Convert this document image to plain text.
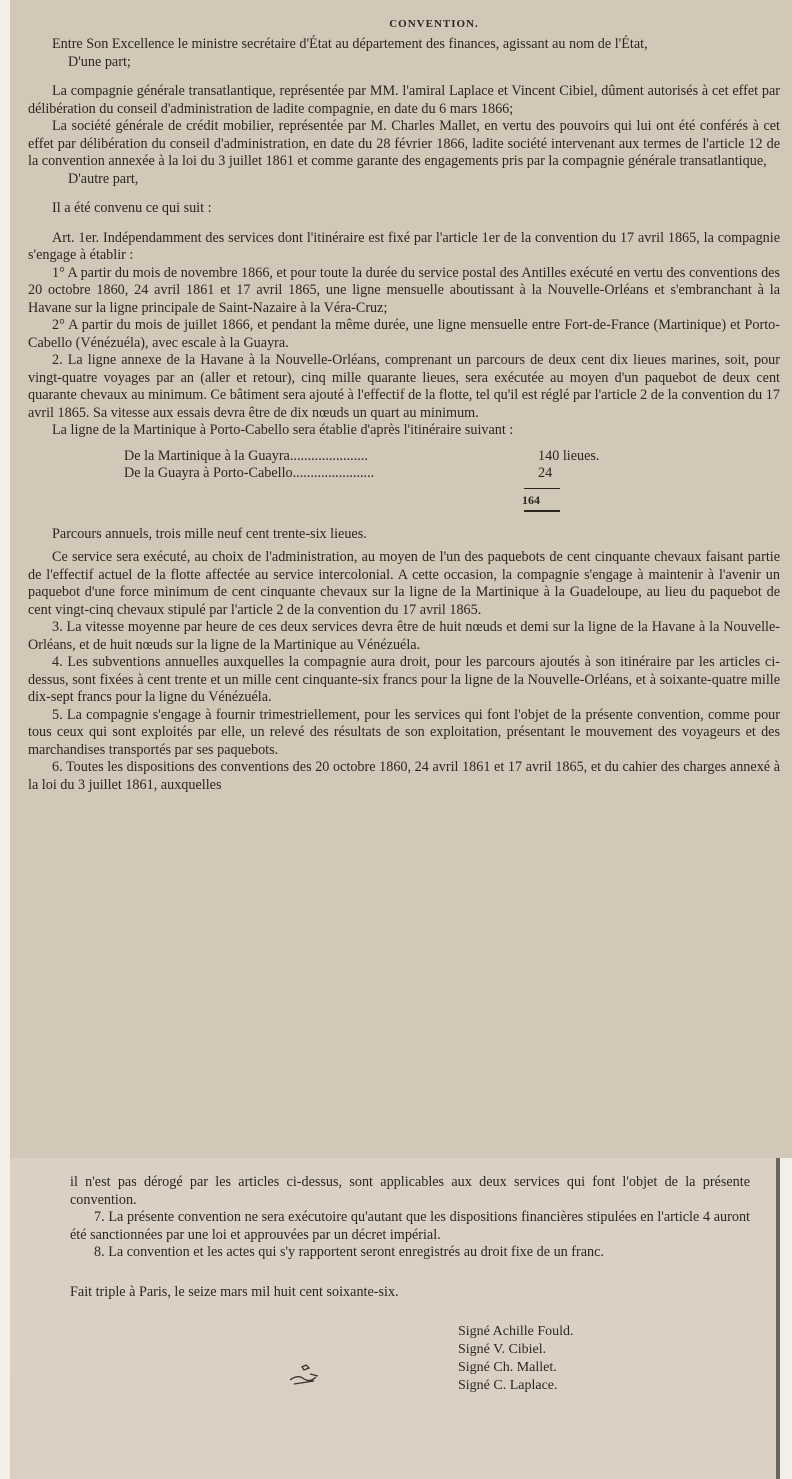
CONVENTION.

Entre Son Excellence le ministre secrétaire d'État au département des finances, agissant au nom de l'État,

D'une part;

La compagnie générale transatlantique, représentée par MM. l'amiral Laplace et Vincent Cibiel, dûment autorisés à cet effet par délibération du conseil d'administration de ladite compagnie, en date du 6 mars 1866;

La société générale de crédit mobilier, représentée par M. Charles Mallet, en vertu des pouvoirs qui lui ont été conférés à cet effet par délibération du conseil d'administration, en date du 28 février 1866, ladite société intervenant aux termes de l'article 12 de la convention annexée à la loi du 3 juillet 1861 et comme garante des engagements pris par la compagnie générale transatlantique,

D'autre part,

Il a été convenu ce qui suit :

Art. 1er. Indépendamment des services dont l'itinéraire est fixé par l'article 1er de la convention du 17 avril 1865, la compagnie s'engage à établir :

1° A partir du mois de novembre 1866, et pour toute la durée du service postal des Antilles exécuté en vertu des conventions des 20 octobre 1860, 24 avril 1861 et 17 avril 1865, une ligne mensuelle aboutissant à la Nouvelle-Orléans et s'embranchant à la Havane sur la ligne principale de Saint-Nazaire à la Véra-Cruz;

2° A partir du mois de juillet 1866, et pendant la même durée, une ligne mensuelle entre Fort-de-France (Martinique) et Porto-Cabello (Vénézuéla), avec escale à la Guayra.

2. La ligne annexe de la Havane à la Nouvelle-Orléans, comprenant un parcours de deux cent dix lieues marines, soit, pour vingt-quatre voyages par an (aller et retour), cinq mille quarante lieues, sera exécutée au moyen d'un paquebot de deux cent quarante chevaux au minimum. Ce bâtiment sera ajouté à l'effectif de la flotte, tel qu'il est réglé par l'article 2 de la convention du 17 avril 1865. Sa vitesse aux essais devra être de dix nœuds un quart au minimum.

La ligne de la Martinique à Porto-Cabello sera établie d'après l'itinéraire suivant :

De la Martinique à la Guayra......................	140 lieues.
De la Guayra à Porto-Cabello.......................	24
164

Parcours annuels, trois mille neuf cent trente-six lieues.

Ce service sera exécuté, au choix de l'administration, au moyen de l'un des paquebots de cent cinquante chevaux faisant partie de l'effectif actuel de la flotte affectée au service intercolonial. A cette occasion, la compagnie s'engage à maintenir à l'avenir un paquebot d'une force minimum de cent cinquante chevaux sur la ligne de la Martinique à la Guadeloupe, au lieu du paquebot de cent vingt-cinq chevaux stipulé par l'article 2 de la convention du 17 avril 1865.

3. La vitesse moyenne par heure de ces deux services devra être de huit nœuds et demi sur la ligne de la Havane à la Nouvelle-Orléans, et de huit nœuds sur la ligne de la Martinique au Vénézuéla.

4. Les subventions annuelles auxquelles la compagnie aura droit, pour les parcours ajoutés à son itinéraire par les articles ci-dessus, sont fixées à cent trente et un mille cent cinquante-six francs pour la ligne de la Nouvelle-Orléans, et à soixante-quatre mille dix-sept francs pour la ligne du Vénézuéla.

5. La compagnie s'engage à fournir trimestriellement, pour les services qui font l'objet de la présente convention, comme pour tous ceux qui sont exploités par elle, un relevé des résultats de son exploitation, présentant le mouvement des voyageurs et des marchandises transportés par ses paquebots.

6. Toutes les dispositions des conventions des 20 octobre 1860, 24 avril 1861 et 17 avril 1865, et du cahier des charges annexé à la loi du 3 juillet 1861, auxquelles

il n'est pas dérogé par les articles ci-dessus, sont applicables aux deux services qui font l'objet de la présente convention.

7. La présente convention ne sera exécutoire qu'autant que les dispositions financières stipulées en l'article 4 auront été sanctionnées par une loi et approuvées par un décret impérial.

8. La convention et les actes qui s'y rapportent seront enregistrés au droit fixe de un franc.

Fait triple à Paris, le seize mars mil huit cent soixante-six.

Signé Achille Fould.

Signé V. Cibiel.

Signé Ch. Mallet.

Signé C. Laplace.
